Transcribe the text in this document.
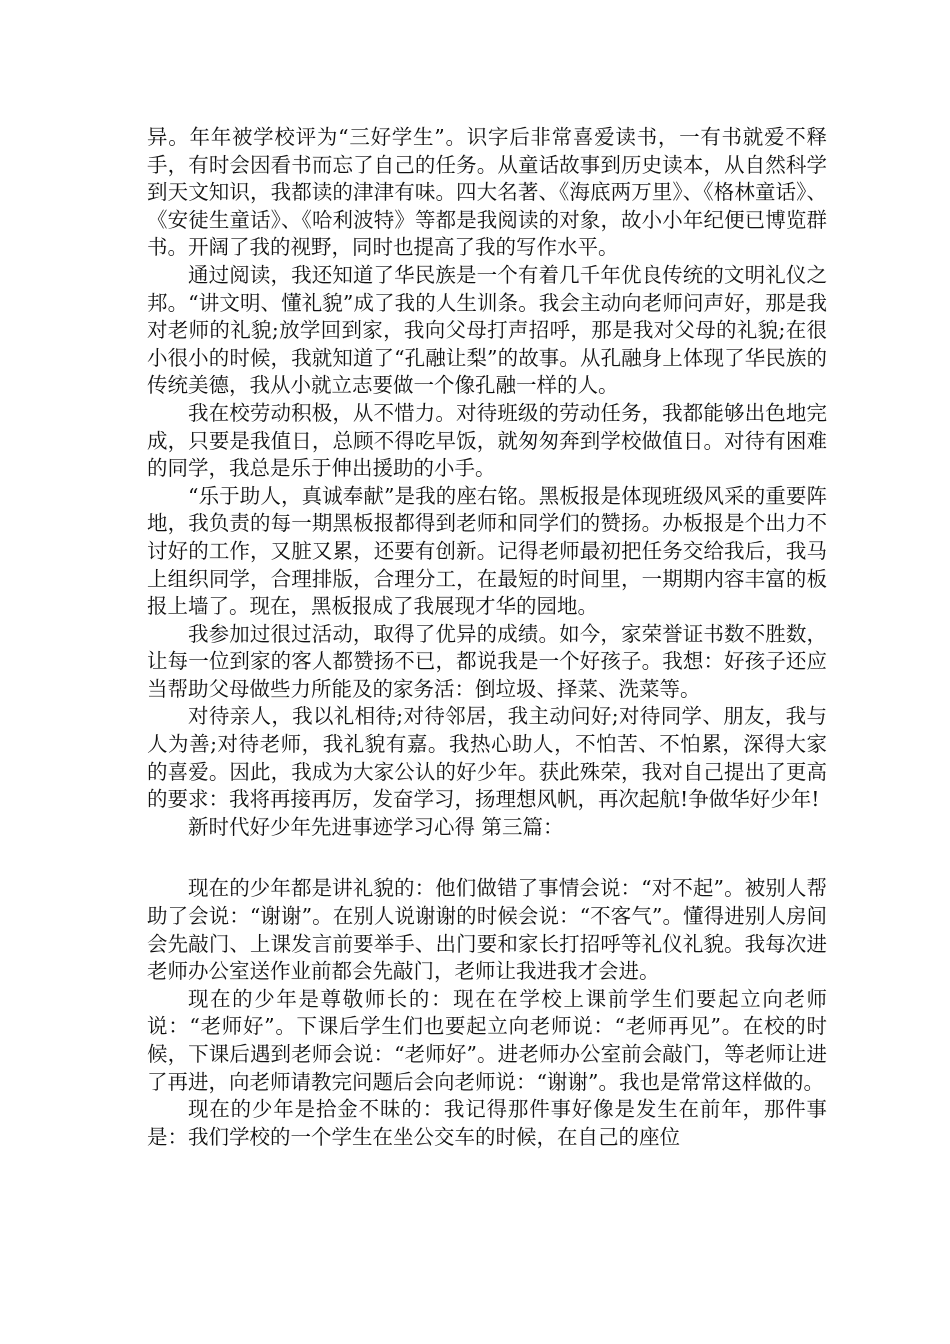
异。年年被学校评为“三好学生”。识字后非常喜爱读书，一有书就爱不释手，有时会因看书而忘了自己的任务。从童话故事到历史读本，从自然科学到天文知识，我都读的津津有味。四大名著、《海底两万里》、《格林童话》、《安徒生童话》、《哈利波特》等都是我阅读的对象，故小小年纪便已博览群书。开阔了我的视野，同时也提高了我的写作水平。

通过阅读，我还知道了华民族是一个有着几千年优良传统的文明礼仪之邦。“讲文明、懂礼貌”成了我的人生训条。我会主动向老师问声好，那是我对老师的礼貌;放学回到家，我向父母打声招呼，那是我对父母的礼貌;在很小很小的时候，我就知道了“孔融让梨”的故事。从孔融身上体现了华民族的传统美德，我从小就立志要做一个像孔融一样的人。

我在校劳动积极，从不惜力。对待班级的劳动任务，我都能够出色地完成，只要是我值日，总顾不得吃早饭，就匆匆奔到学校做值日。对待有困难的同学，我总是乐于伸出援助的小手。

“乐于助人，真诚奉献”是我的座右铭。黑板报是体现班级风采的重要阵地，我负责的每一期黑板报都得到老师和同学们的赞扬。办板报是个出力不讨好的工作，又脏又累，还要有创新。记得老师最初把任务交给我后，我马上组织同学，合理排版，合理分工，在最短的时间里，一期期内容丰富的板报上墙了。现在，黑板报成了我展现才华的园地。

我参加过很过活动，取得了优异的成绩。如今，家荣誉证书数不胜数，让每一位到家的客人都赞扬不已，都说我是一个好孩子。我想：好孩子还应当帮助父母做些力所能及的家务活：倒垃圾、择菜、洗菜等。

对待亲人，我以礼相待;对待邻居，我主动问好;对待同学、朋友，我与人为善;对待老师，我礼貌有嘉。我热心助人，不怕苦、不怕累，深得大家的喜爱。因此，我成为大家公认的好少年。获此殊荣，我对自己提出了更高的要求：我将再接再厉，发奋学习，扬理想风帆，再次起航!争做华好少年!

新时代好少年先进事迹学习心得 第三篇：

现在的少年都是讲礼貌的：他们做错了事情会说：“对不起”。被别人帮助了会说：“谢谢”。在别人说谢谢的时候会说：“不客气”。懂得进别人房间会先敲门、上课发言前要举手、出门要和家长打招呼等礼仪礼貌。我每次进老师办公室送作业前都会先敲门，老师让我进我才会进。

现在的少年是尊敬师长的：现在在学校上课前学生们要起立向老师说：“老师好”。下课后学生们也要起立向老师说：“老师再见”。在校的时候，下课后遇到老师会说：“老师好”。进老师办公室前会敲门，等老师让进了再进，向老师请教完问题后会向老师说：“谢谢”。我也是常常这样做的。

现在的少年是拾金不昧的：我记得那件事好像是发生在前年，那件事是：我们学校的一个学生在坐公交车的时候，在自己的座位
